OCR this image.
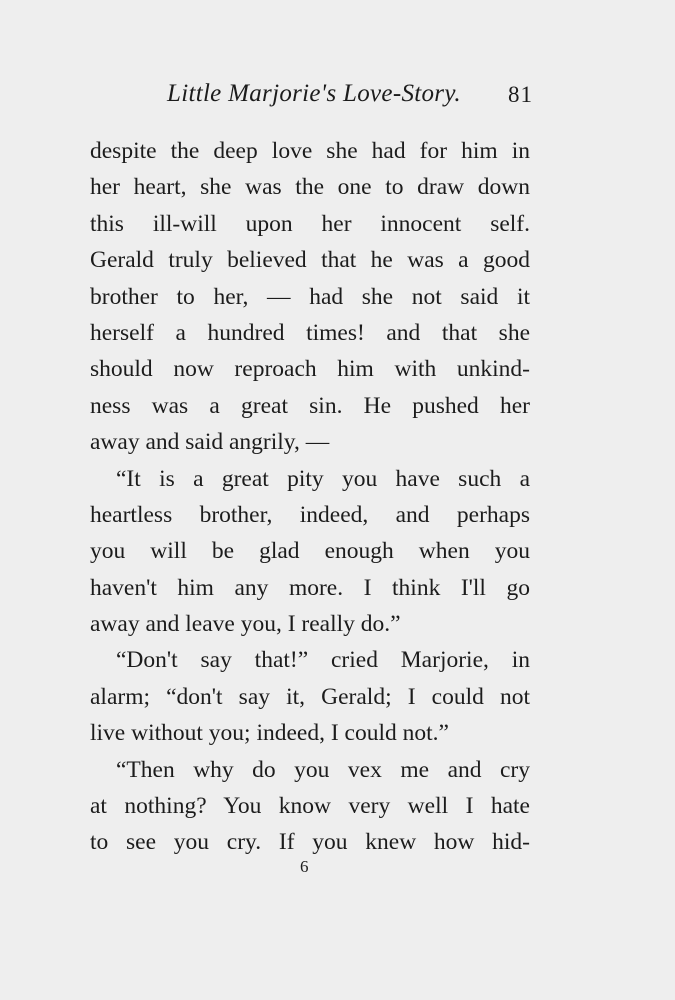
Little Marjorie's Love-Story. 81
despite the deep love she had for him in
her heart, she was the one to draw down
this ill-will upon her innocent self.
Gerald truly believed that he was a good
brother to her, — had she not said it
herself a hundred times! and that she
should now reproach him with unkind-
ness was a great sin. He pushed her
away and said angrily, —
“It is a great pity you have such a
heartless brother, indeed, and perhaps
you will be glad enough when you
haven't him any more. I think I'll go
away and leave you, I really do.”
“Don't say that!” cried Marjorie, in
alarm; “don't say it, Gerald; I could not
live without you; indeed, I could not.”
“Then why do you vex me and cry
at nothing? You know very well I hate
to see you cry. If you knew how hid-
6
